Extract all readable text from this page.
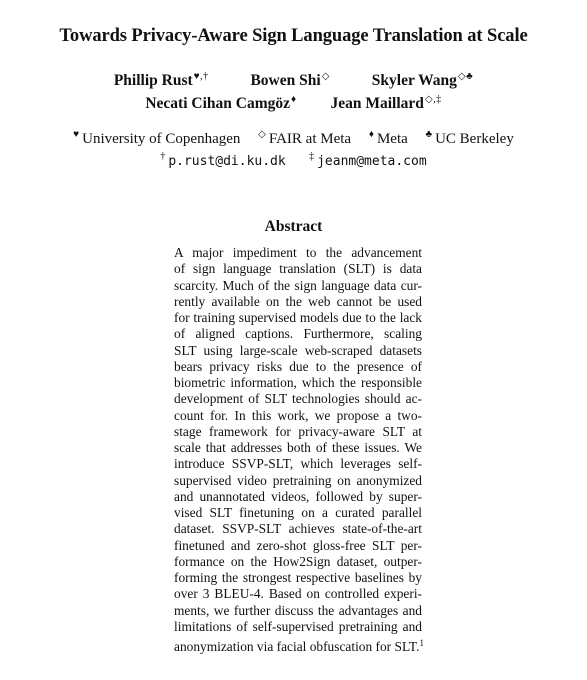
Towards Privacy-Aware Sign Language Translation at Scale
Phillip Rust♥,†	Bowen Shi◇	Skyler Wang◇♣
Necati Cihan Camgöz♦ Jean Maillard◇,‡
♥ University of Copenhagen ◇ FAIR at Meta ♦ Meta ♣ UC Berkeley
† p.rust@di.ku.dk ‡ jeanm@meta.com
Abstract
A major impediment to the advancement
of sign language translation (SLT) is data
scarcity. Much of the sign language data cur-
rently available on the web cannot be used
for training supervised models due to the lack
of aligned captions. Furthermore, scaling
SLT using large-scale web-scraped datasets
bears privacy risks due to the presence of
biometric information, which the responsible
development of SLT technologies should ac-
count for. In this work, we propose a two-
stage framework for privacy-aware SLT at
scale that addresses both of these issues. We
introduce SSVP-SLT, which leverages self-
supervised video pretraining on anonymized
and unannotated videos, followed by super-
vised SLT finetuning on a curated parallel
dataset. SSVP-SLT achieves state-of-the-art
finetuned and zero-shot gloss-free SLT per-
formance on the How2Sign dataset, outper-
forming the strongest respective baselines by
over 3 BLEU-4. Based on controlled experi-
ments, we further discuss the advantages and
limitations of self-supervised pretraining and
anonymization via facial obfuscation for SLT.$^1$
